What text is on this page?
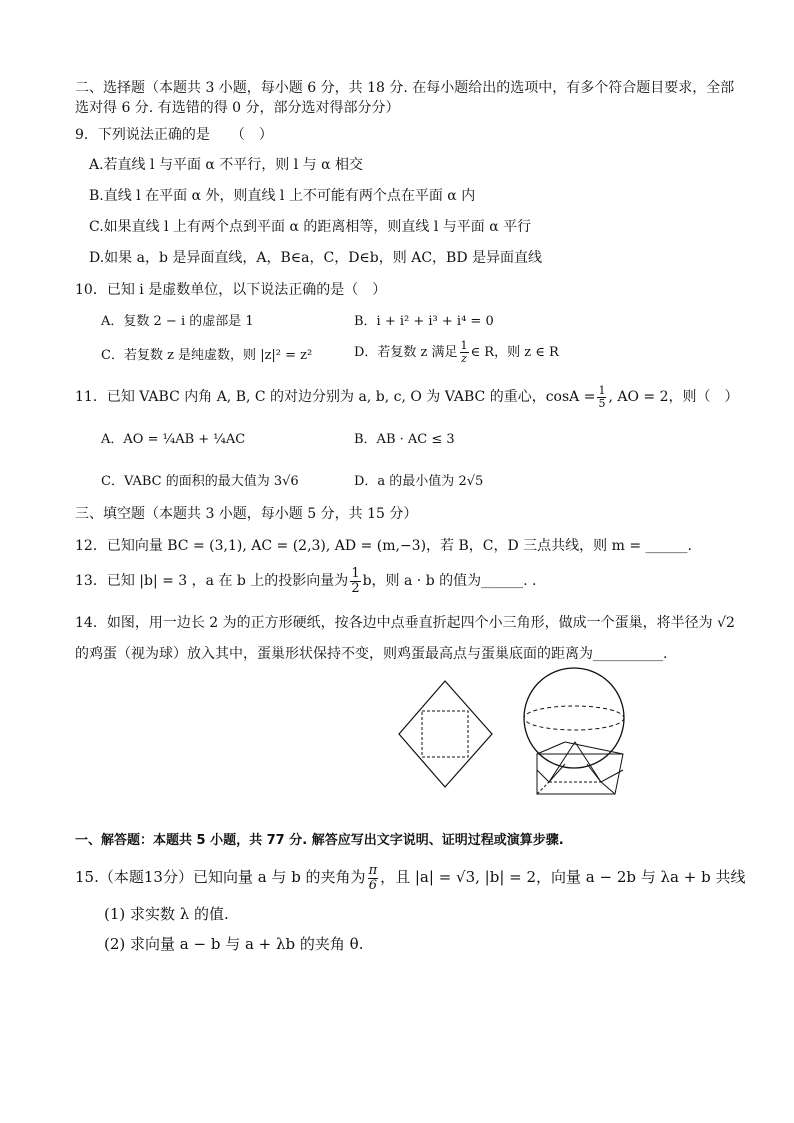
二、选择题（本题共 3 小题，每小题 6 分，共 18 分. 在每小题给出的选项中，有多个符合题目要求，全部
选对得 6 分. 有选错的得 0 分，部分选对得部分分）
9．下列说法正确的是　　（　）
A.若直线 l 与平面 α 不平行，则 l 与 α 相交
B.直线 l 在平面 α 外，则直线 l 上不可能有两个点在平面 α 内
C.如果直线 l 上有两个点到平面 α 的距离相等，则直线 l 与平面 α 平行
D.如果 a，b 是异面直线，A，B∈a，C，D∈b，则 AC，BD 是异面直线
10．已知 i 是虚数单位，以下说法正确的是（　）
A．复数 2 − i 的虚部是 1	B．i + i² + i³ + i⁴ = 0
C．若复数 z 是纯虚数，则 |z|² = z²	D．若复数 z 满足 $\frac{1}{z}$ ∈ R，则 z ∈ R
11．已知 VABC 内角 A, B, C 的对边分别为 a, b, c, O 为 VABC 的重心，$\cos A = \frac{1}{5}$ , AO = 2，则（　）
A．AO = ¼AB + ¼AC	B．AB · AC ≤ 3
C．VABC 的面积的最大值为 3√6	D．a 的最小值为 2√5
三、填空题（本题共 3 小题，每小题 5 分，共 15 分）
12．已知向量 BC = (3,1), AC = (2,3), AD = (m,−3)，若 B，C，D 三点共线，则 m = ______.
13．已知 |b| = 3 ，a 在 b 上的投影向量为 $\frac{1}{2}$ b，则 a · b 的值为______. .
14．如图，用一边长 2 为的正方形硬纸，按各边中点垂直折起四个小三角形，做成一个蛋巢，将半径为 √2
的鸡蛋（视为球）放入其中，蛋巢形状保持不变，则鸡蛋最高点与蛋巢底面的距离为__________.
一、解答题：本题共 5 小题，共 77 分. 解答应写出文字说明、证明过程或演算步骤.
15.（本题13分）已知向量 a 与 b 的夹角为 $\frac{\pi}{6}$ ，且 |a| = √3, |b| = 2，向量 a − 2b 与 λa + b 共线
(1) 求实数 λ 的值.
(2) 求向量 a − b 与 a + λb 的夹角 θ.
